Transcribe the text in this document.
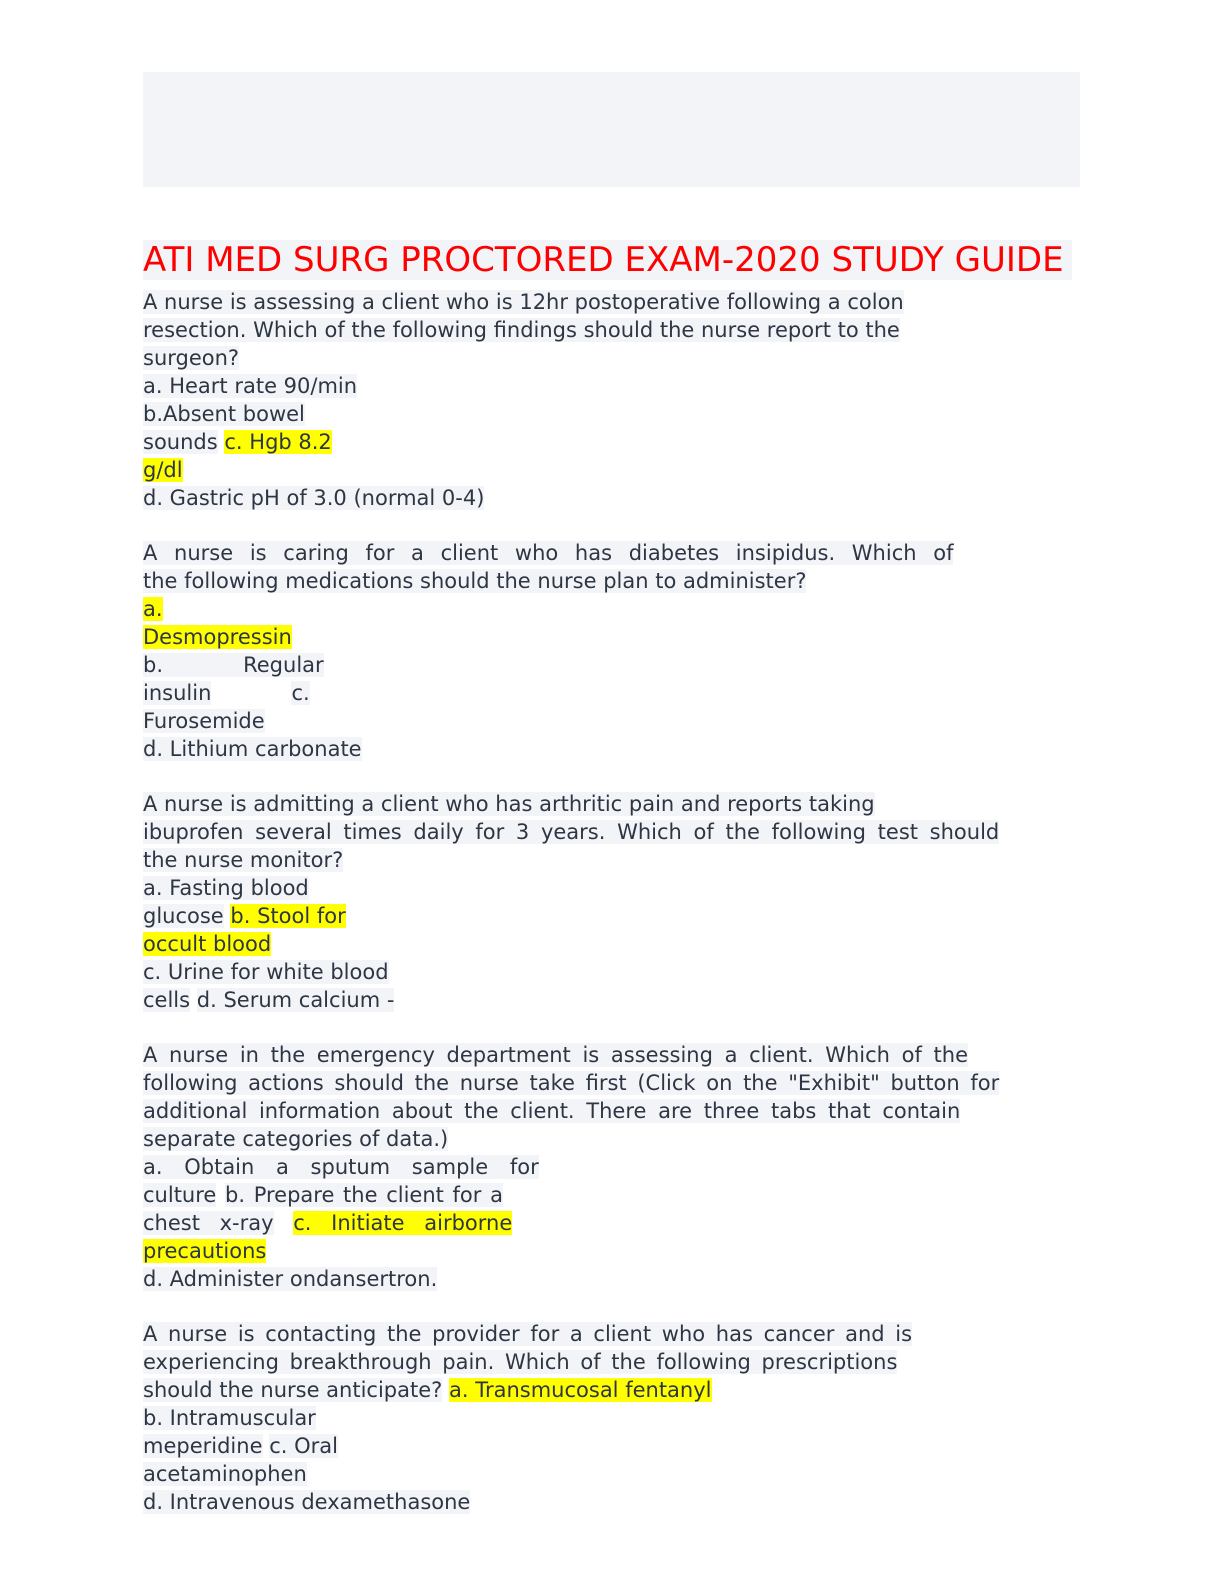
ATI MED SURG PROCTORED EXAM-2020 STUDY GUIDE
A nurse is assessing a client who is 12hr postoperative following a colon
resection. Which of the following findings should the nurse report to the
surgeon?
a. Heart rate 90/min
b.Absent bowel
sounds c. Hgb 8.2
g/dl
d. Gastric pH of 3.0 (normal 0-4)
A nurse is caring for a client who has diabetes insipidus. Which of
the following medications should the nurse plan to administer?
a.
Desmopressin
b.            Regular
insulin	c.
Furosemide
d. Lithium carbonate
A nurse is admitting a client who has arthritic pain and reports taking
ibuprofen several times daily for 3 years. Which of the following test should
the nurse monitor?
a. Fasting blood
glucose b. Stool for
occult blood
c. Urine for white blood
cells d. Serum calcium -
A nurse in the emergency department is assessing a client. Which of the
following actions should the nurse take first (Click on the "Exhibit" button for
additional information about the client. There are three tabs that contain
separate categories of data.)
a. Obtain a sputum sample for
culture b. Prepare the client for a
chest x-ray c. Initiate airborne
precautions
d. Administer ondansertron.
A nurse is contacting the provider for a client who has cancer and is
experiencing breakthrough pain. Which of the following prescriptions
should the nurse anticipate? a. Transmucosal fentanyl
b. Intramuscular
meperidine c. Oral
acetaminophen
d. Intravenous dexamethasone
